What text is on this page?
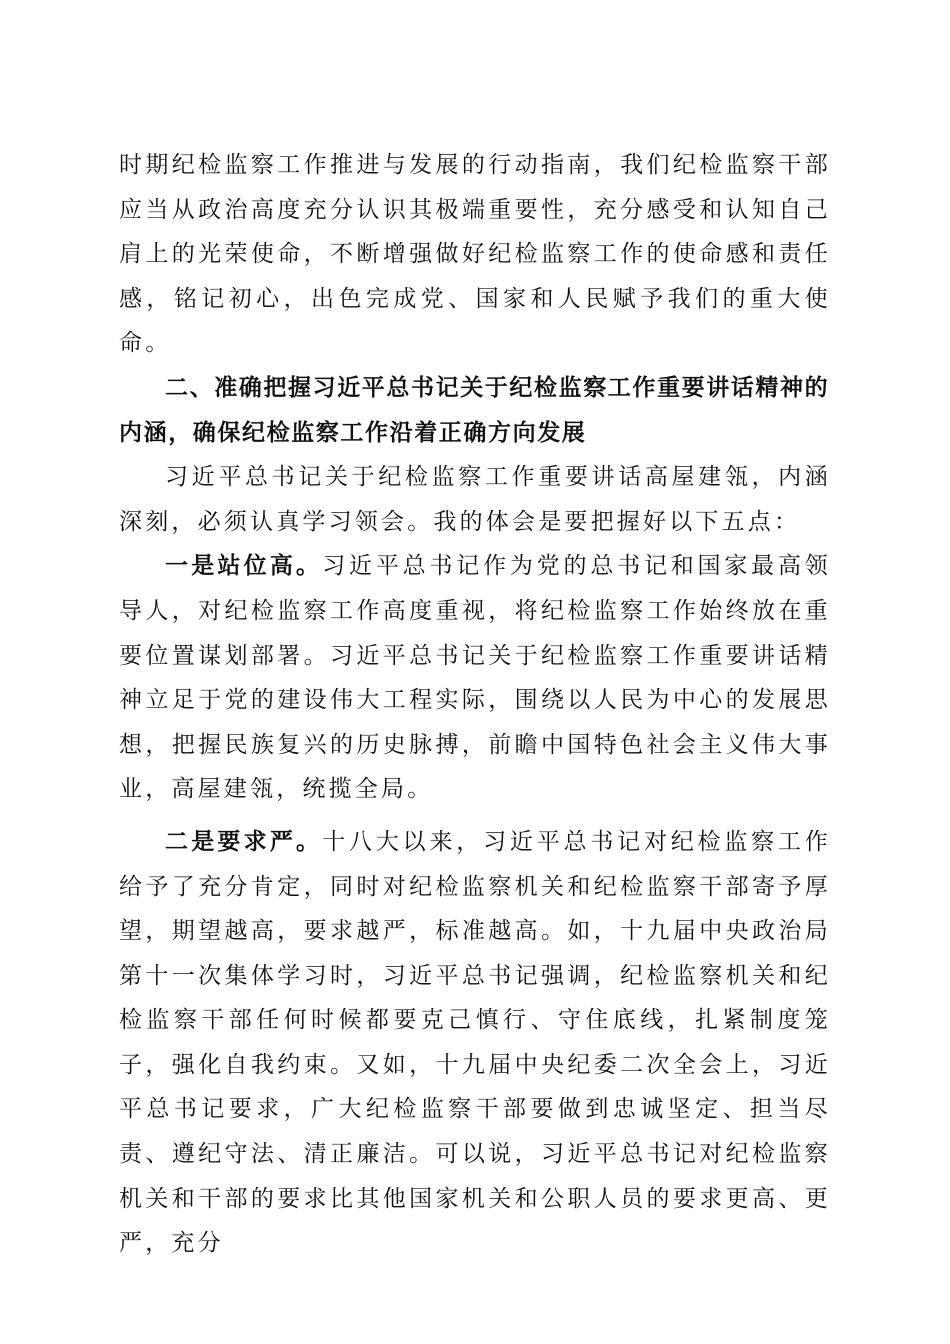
时期纪检监察工作推进与发展的行动指南，我们纪检监察干部应当从政治高度充分认识其极端重要性，充分感受和认知自己肩上的光荣使命，不断增强做好纪检监察工作的使命感和责任感，铭记初心，出色完成党、国家和人民赋予我们的重大使命。

二、准确把握习近平总书记关于纪检监察工作重要讲话精神的内涵，确保纪检监察工作沿着正确方向发展

习近平总书记关于纪检监察工作重要讲话高屋建瓴，内涵深刻，必须认真学习领会。我的体会是要把握好以下五点：

一是站位高。习近平总书记作为党的总书记和国家最高领导人，对纪检监察工作高度重视，将纪检监察工作始终放在重要位置谋划部署。习近平总书记关于纪检监察工作重要讲话精神立足于党的建设伟大工程实际，围绕以人民为中心的发展思想，把握民族复兴的历史脉搏，前瞻中国特色社会主义伟大事业，高屋建瓴，统揽全局。

二是要求严。十八大以来，习近平总书记对纪检监察工作给予了充分肯定，同时对纪检监察机关和纪检监察干部寄予厚望，期望越高，要求越严，标准越高。如，十九届中央政治局第十一次集体学习时，习近平总书记强调，纪检监察机关和纪检监察干部任何时候都要克己慎行、守住底线，扎紧制度笼子，强化自我约束。又如，十九届中央纪委二次全会上，习近平总书记要求，广大纪检监察干部要做到忠诚坚定、担当尽责、遵纪守法、清正廉洁。可以说，习近平总书记对纪检监察机关和干部的要求比其他国家机关和公职人员的要求更高、更严，充分
